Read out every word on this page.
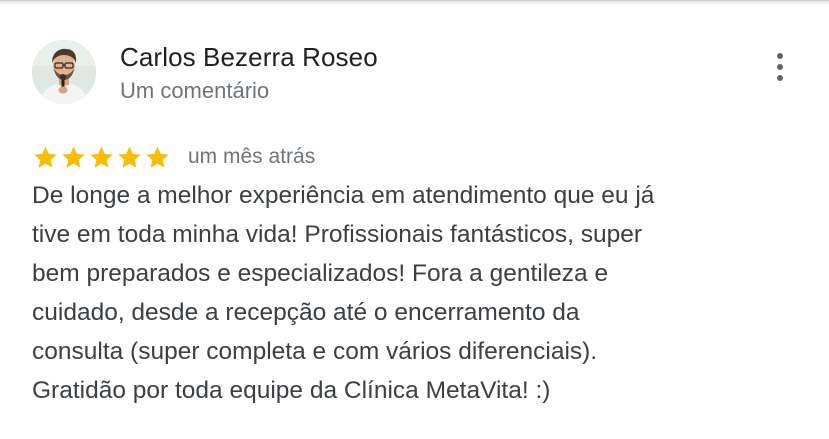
Carlos Bezerra Roseo
Um comentário
um mês atrás

De longe a melhor experiência em atendimento que eu já
tive em toda minha vida! Profissionais fantásticos, super
bem preparados e especializados! Fora a gentileza e
cuidado, desde a recepção até o encerramento da
consulta (super completa e com vários diferenciais).
Gratidão por toda equipe da Clínica MetaVita! :)
